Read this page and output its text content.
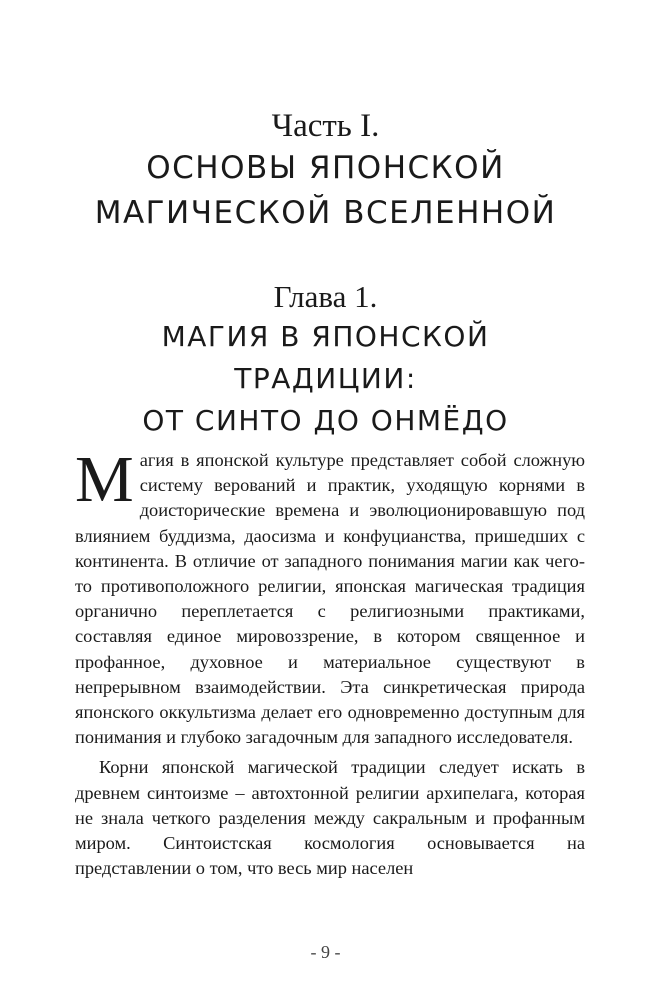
Часть I.

ОСНОВЫ ЯПОНСКОЙ

МАГИЧЕСКОЙ ВСЕЛЕННОЙ

Глава 1.

МАГИЯ В ЯПОНСКОЙ

ТРАДИЦИИ:

ОТ СИНТО ДО ОНМЁДО

Магия в японской культуре представляет собой сложную систему верований и практик, уходящую корнями в доисторические времена и эволюционировавшую под влиянием буддизма, даосизма и конфуцианства, пришедших с континента. В отличие от западного понимания магии как чего-то противоположного религии, японская магическая традиция органично переплетается с религиозными практиками, составляя единое мировоззрение, в котором священное и профанное, духовное и материальное существуют в непрерывном взаимодействии. Эта синкретическая природа японского оккультизма делает его одновременно доступным для понимания и глубоко загадочным для западного исследователя.

Корни японской магической традиции следует искать в древнем синтоизме – автохтонной религии архипелага, которая не знала четкого разделения между сакральным и профанным миром. Синтоистская космология основывается на представлении о том, что весь мир населен

- 9 -
